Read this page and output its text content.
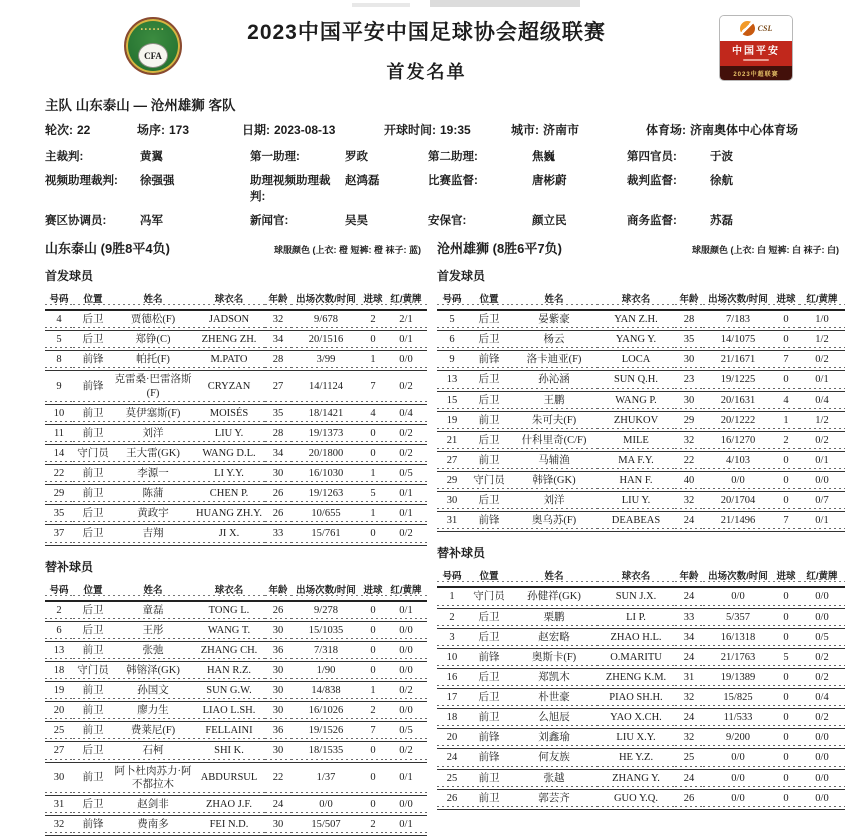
••••••
CFA
2023中国平安中国足球协会超级联赛
首发名单
CSL
中国平安
2023中超联赛
主队 山东泰山 — 沧州雄狮 客队
轮次: 22	场序: 173	日期: 2023-08-13	开球时间: 19:35	城市: 济南市	体育场: 济南奥体中心体育场
主裁判:	黄翼	第一助理:	罗政	第二助理:	焦巍	第四官员:	于波
视频助理裁判:	徐强强	助理视频助理裁判:
赵鸿磊	比赛监督:	唐彬蔚	裁判监督:	徐航
赛区协调员:	冯军	新闻官:	吴昊	安保官:	颜立民	商务监督:	苏磊
山东泰山 (9胜8平4负)	球服颜色 (上衣: 橙 短裤: 橙 袜子: 蓝)
首发球员
号码	位置	姓名	球衣名	年龄	出场次数/时间	进球	红/黄牌
4	后卫	贾德松(F)	JADSON	32	9/678	2	2/1
5	后卫	郑铮(C)	ZHENG ZH.	34	20/1516	0	0/1
8	前锋	帕托(F)	M.PATO	28	3/99	1	0/0
9	前锋	克雷桑·巴雷洛斯(F)	CRYZAN	27	14/1124	7	0/2
10	前卫	莫伊塞斯(F)	MOISÉS	35	18/1421	4	0/4
11	前卫	刘洋	LIU Y.	28	19/1373	0	0/2
14	守门员	王大雷(GK)	WANG D.L.	34	20/1800	0	0/2
22	前卫	李源一	LI Y.Y.	30	16/1030	1	0/5
29	前卫	陈蒲	CHEN P.	26	19/1263	5	0/1
35	后卫	黄政宇	HUANG ZH.Y.	26	10/655	1	0/1
37	后卫	吉翔	JI X.	33	15/761	0	0/2
替补球员
号码	位置	姓名	球衣名	年龄	出场次数/时间	进球	红/黄牌
2	后卫	童磊	TONG L.	26	9/278	0	0/1
6	后卫	王彤	WANG T.	30	15/1035	0	0/0
13	前卫	张弛	ZHANG CH.	36	7/318	0	0/0
18	守门员	韩镕泽(GK)	HAN R.Z.	30	1/90	0	0/0
19	前卫	孙国文	SUN G.W.	30	14/838	1	0/2
20	前卫	廖力生	LIAO L.SH.	30	16/1026	2	0/0
25	前卫	费莱尼(F)	FELLAINI	36	19/1526	7	0/5
27	后卫	石柯	SHI K.	30	18/1535	0	0/2
30	前卫	阿卜杜肉苏力·阿不都拉木	ABDURSUL	22	1/37	0	0/1
31	后卫	赵剑非	ZHAO J.F.	24	0/0	0	0/0
32	前锋	费南多	FEI N.D.	30	15/507	2	0/1
沧州雄狮 (8胜6平7负)	球服颜色 (上衣: 白 短裤: 白 袜子: 白)
首发球员
号码	位置	姓名	球衣名	年龄	出场次数/时间	进球	红/黄牌
5	后卫	晏紫豪	YAN Z.H.	28	7/183	0	1/0
6	后卫	杨云	YANG Y.	35	14/1075	0	1/2
9	前锋	洛卡迪亚(F)	LOCA	30	21/1671	7	0/2
13	后卫	孙沁涵	SUN Q.H.	23	19/1225	0	0/1
15	后卫	王鹏	WANG P.	30	20/1631	4	0/4
19	前卫	朱可夫(F)	ZHUKOV	29	20/1222	1	1/2
21	后卫	什科里奇(C/F)	MILE	32	16/1270	2	0/2
27	前卫	马辅渔	MA F.Y.	22	4/103	0	0/1
29	守门员	韩锋(GK)	HAN F.	40	0/0	0	0/0
30	后卫	刘洋	LIU Y.	32	20/1704	0	0/7
31	前锋	奥乌苏(F)	DEABEAS	24	21/1496	7	0/1
替补球员
号码	位置	姓名	球衣名	年龄	出场次数/时间	进球	红/黄牌
1	守门员	孙健祥(GK)	SUN J.X.	24	0/0	0	0/0
2	后卫	栗鹏	LI P.	33	5/357	0	0/0
3	后卫	赵宏略	ZHAO H.L.	34	16/1318	0	0/5
10	前锋	奥斯卡(F)	O.MARITU	24	21/1763	5	0/2
16	后卫	郑凯木	ZHENG K.M.	31	19/1389	0	0/2
17	后卫	朴世豪	PIAO SH.H.	32	15/825	0	0/4
18	前卫	么旭辰	YAO X.CH.	24	11/533	0	0/2
20	前锋	刘鑫瑜	LIU X.Y.	32	9/200	0	0/0
24	前锋	何友族	HE Y.Z.	25	0/0	0	0/0
25	前卫	张越	ZHANG Y.	24	0/0	0	0/0
26	前卫	郭芸齐	GUO Y.Q.	26	0/0	0	0/0
